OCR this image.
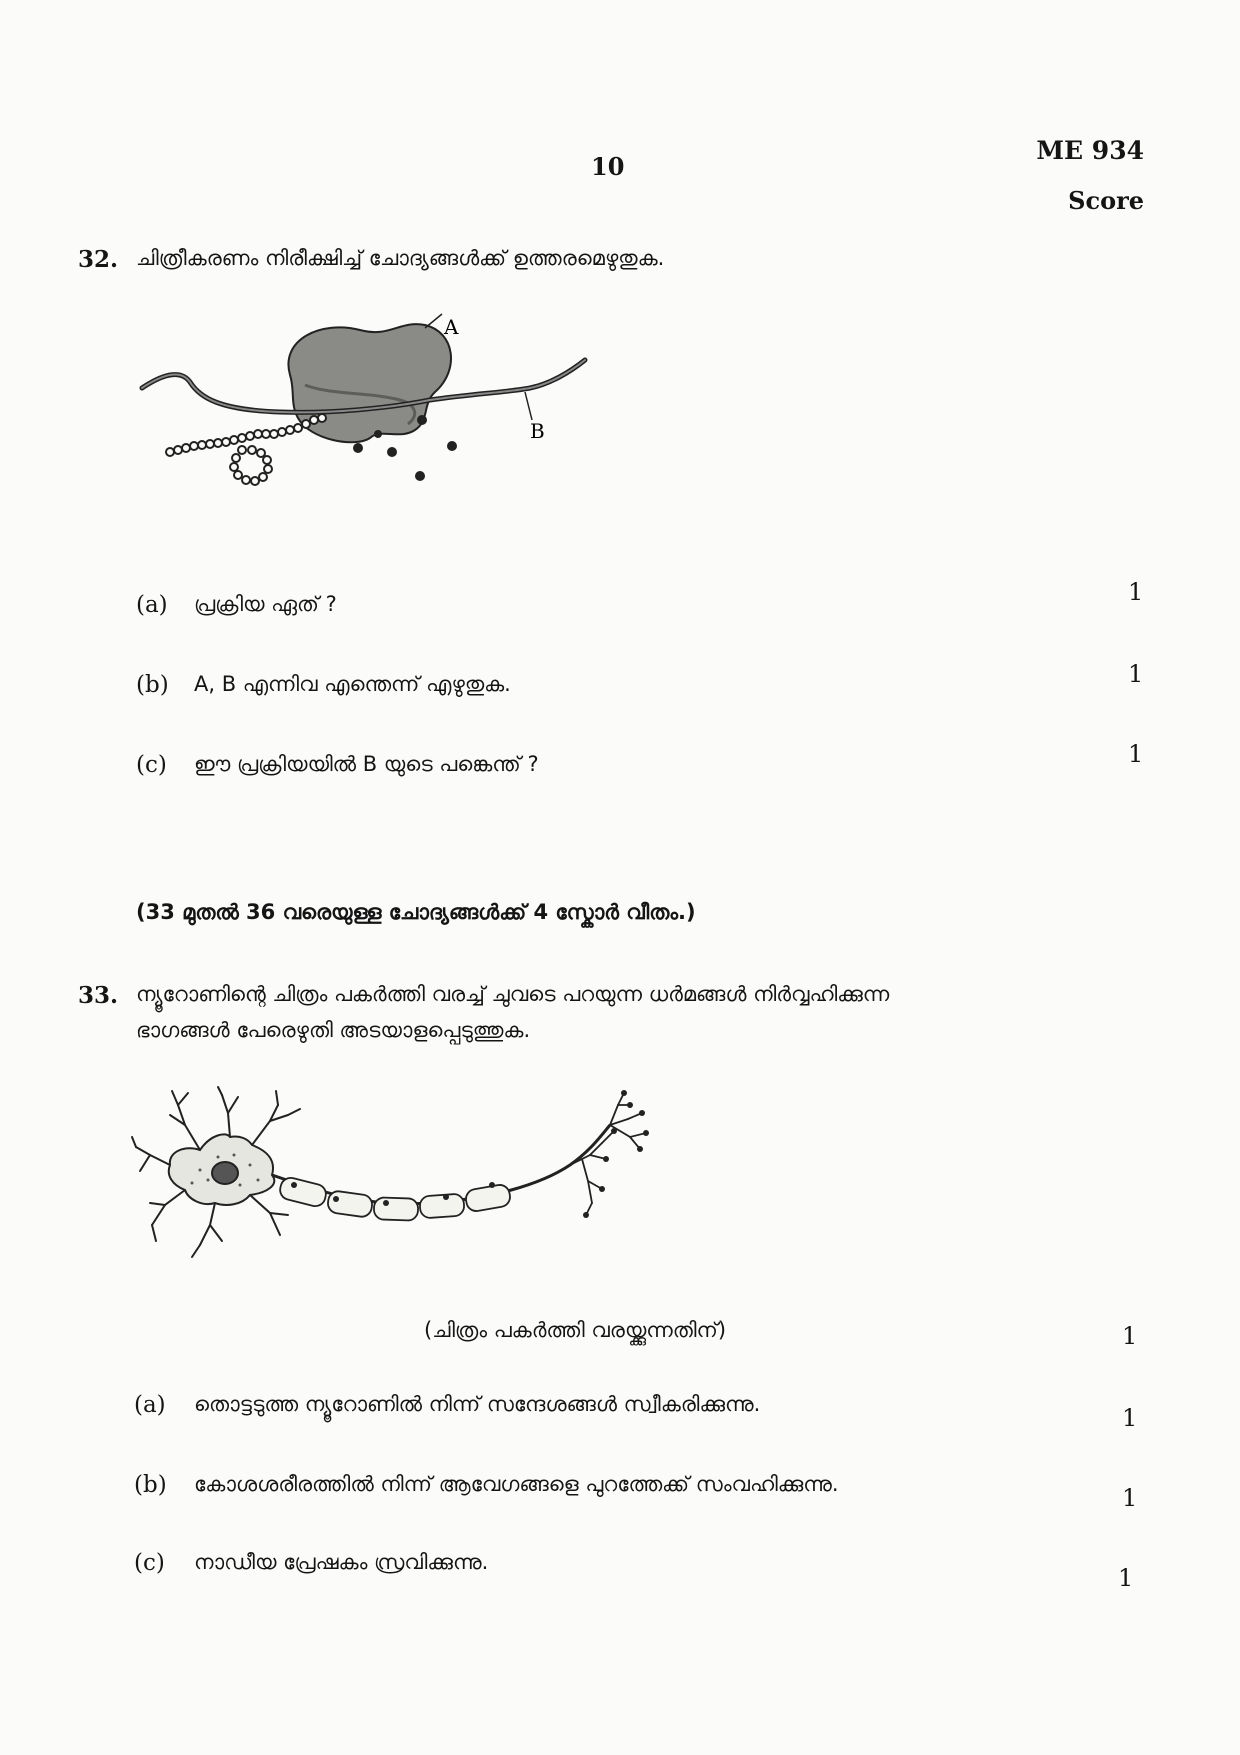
10
ME 934
Score
32. ചിത്രീകരണം നിരീക്ഷിച്ച് ചോദ്യങ്ങൾക്ക് ഉത്തരമെഴുതുക.
A
B
(a) പ്രക്രിയ ഏത് ?	1
(b) A, B എന്നിവ എന്തെന്ന് എഴുതുക.	1
(c) ഈ പ്രക്രിയയിൽ B യുടെ പങ്കെന്ത് ?	1
(33 മുതൽ 36 വരെയുള്ള ചോദ്യങ്ങൾക്ക് 4 സ്കോർ വീതം.)
33. ന്യൂറോണിന്റെ ചിത്രം പകർത്തി വരച്ച് ചുവടെ പറയുന്ന ധർമങ്ങൾ നിർവ്വഹിക്കുന്ന
ഭാഗങ്ങൾ പേരെഴുതി അടയാളപ്പെടുത്തുക.
(ചിത്രം പകർത്തി വരയ്ക്കുന്നതിന്)	1
(a) തൊട്ടടുത്ത ന്യൂറോണിൽ നിന്ന് സന്ദേശങ്ങൾ സ്വീകരിക്കുന്നു.	1
(b) കോശശരീരത്തിൽ നിന്ന് ആവേഗങ്ങളെ പുറത്തേക്ക് സംവഹിക്കുന്നു.	1
(c) നാഡീയ പ്രേഷകം സ്രവിക്കുന്നു.
1
